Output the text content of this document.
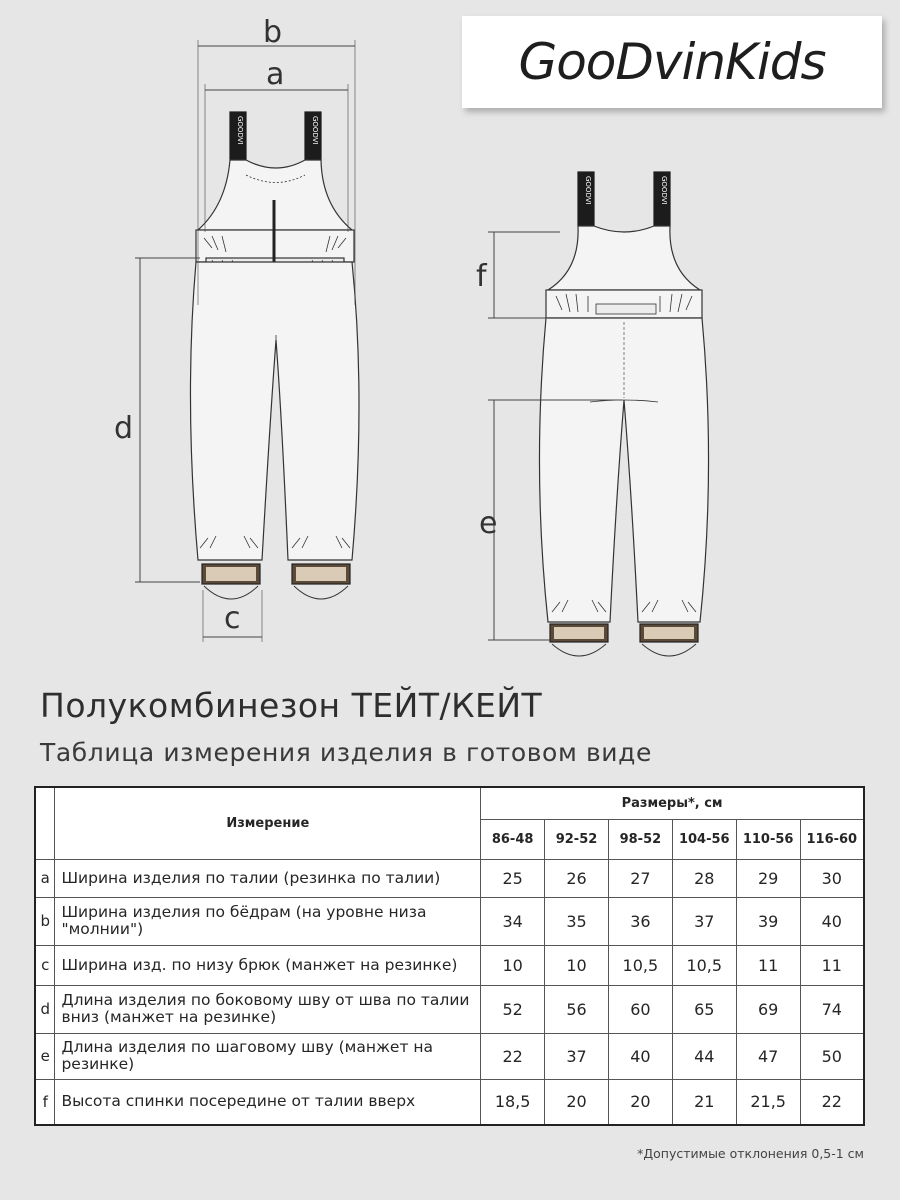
GooDvinKids
GOODVI	GOODVI
b
a
d
c
GOODVI	GOODVI
f
e
Полукомбинезон ТЕЙТ/КЕЙТ
Таблица измерения изделия в готовом виде
	Измерение	Размеры*, см					
		86-48	92-52	98-52	104-56	110-56	116-60
a	Ширина изделия по талии (резинка по талии)	25	26	27	28	29	30
b	Ширина изделия по бёдрам (на уровне низа "молнии")	34	35	36	37	39	40
c	Ширина изд. по низу брюк (манжет на резинке)	10	10	10,5	10,5	11	11
d	Длина изделия по боковому шву от шва по талии вниз (манжет на резинке)	52	56	60	65	69	74
e	Длина изделия по шаговому шву (манжет на резинке)	22	37	40	44	47	50
f	Высота спинки посередине от талии вверх	18,5	20	20	21	21,5	22
*Допустимые отклонения 0,5-1 см
